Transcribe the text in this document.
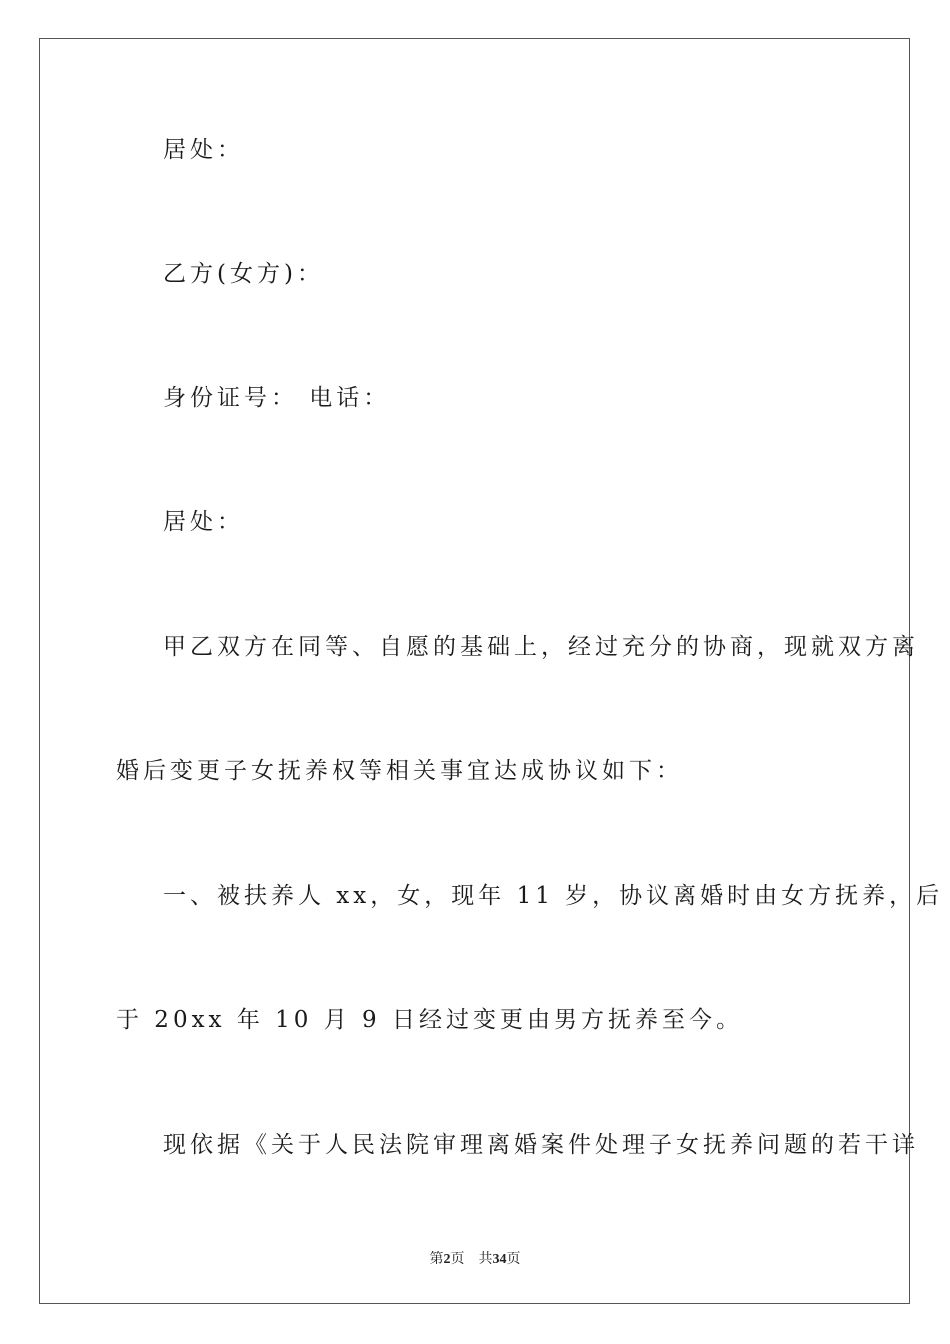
居处：
乙方(女方)：
身份证号： 电话：
居处：
甲乙双方在同等、自愿的基础上，经过充分的协商，现就双方离
婚后变更子女抚养权等相关事宜达成协议如下：
一、被扶养人 xx，女，现年 11 岁，协议离婚时由女方抚养，后
于 20xx 年 10 月 9 日经过变更由男方抚养至今。
现依据《关于人民法院审理离婚案件处理子女抚养问题的若干详
第2页 共34页
